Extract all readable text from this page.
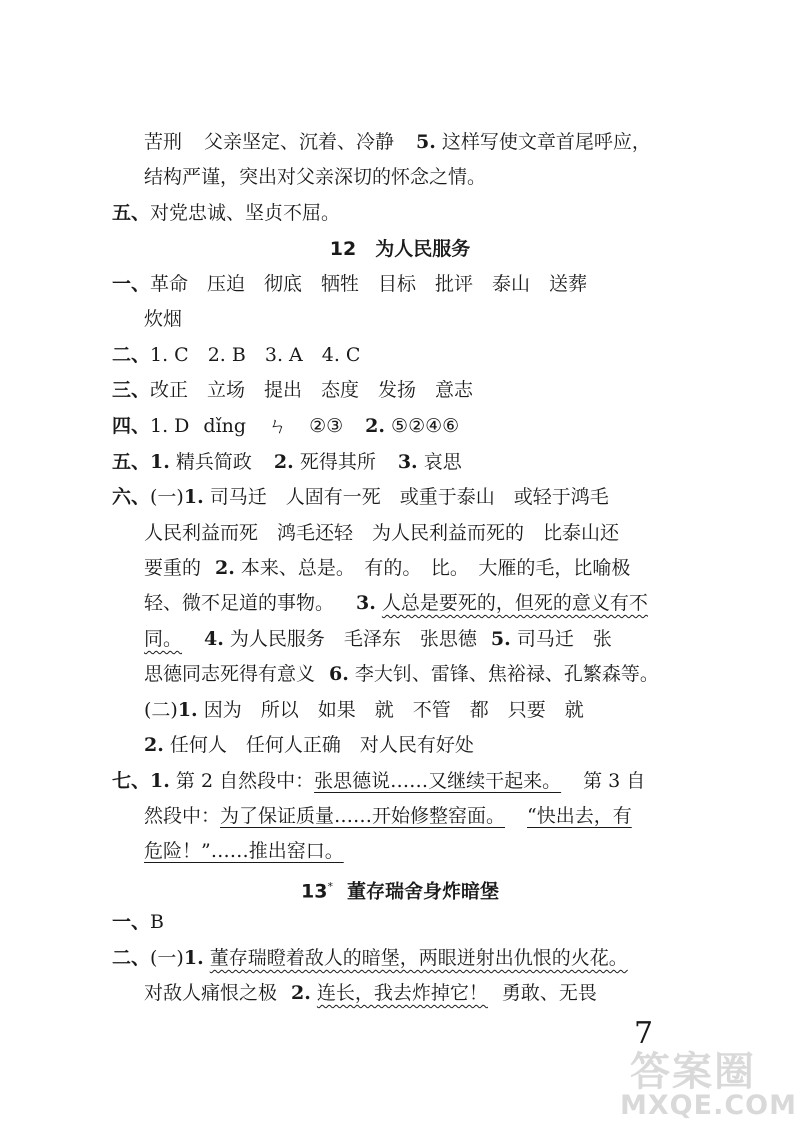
苦刑 父亲坚定、沉着、冷静 5. 这样写使文章首尾呼应，
结构严谨，突出对父亲深切的怀念之情。
五、对党忠诚、坚贞不屈。
12　为人民服务
一、革命　压迫　彻底　牺牲　目标　批评　泰山　送葬
炊烟
二、1. C　2. B　3. A　4. C
三、改正　立场　提出　态度　发扬　意志
四、1. D dǐng ㄣ ②③ 2. ⑤②④⑥
五、1. 精兵简政 2. 死得其所 3. 哀思
六、(一)1. 司马迁　人固有一死　或重于泰山　或轻于鸿毛
人民利益而死　鸿毛还轻　为人民利益而死的　比泰山还
要重的 2. 本来、总是。　有的。　比。　大雁的毛，比喻极
轻、微不足道的事物。 3. 人总是要死的，但死的意义有不
同。 4. 为人民服务　毛泽东　张思德 5. 司马迁　张
思德同志死得有意义 6. 李大钊、雷锋、焦裕禄、孔繁森等。
(二)1. 因为　所以　如果　就　不管　都　只要　就
2. 任何人　任何人正确　对人民有好处
七、1. 第 2 自然段中：张思德说……又继续干起来。 第 3 自
然段中：为了保证质量……开始修整窑面。 “快出去，有
危险！”……推出窑口。
13* 董存瑞舍身炸暗堡
一、B
二、(一)1. 董存瑞瞪着敌人的暗堡，两眼迸射出仇恨的火花。
对敌人痛恨之极 2. 连长，我去炸掉它！ 勇敢、无畏
7
答案圈
MXQE.COM
